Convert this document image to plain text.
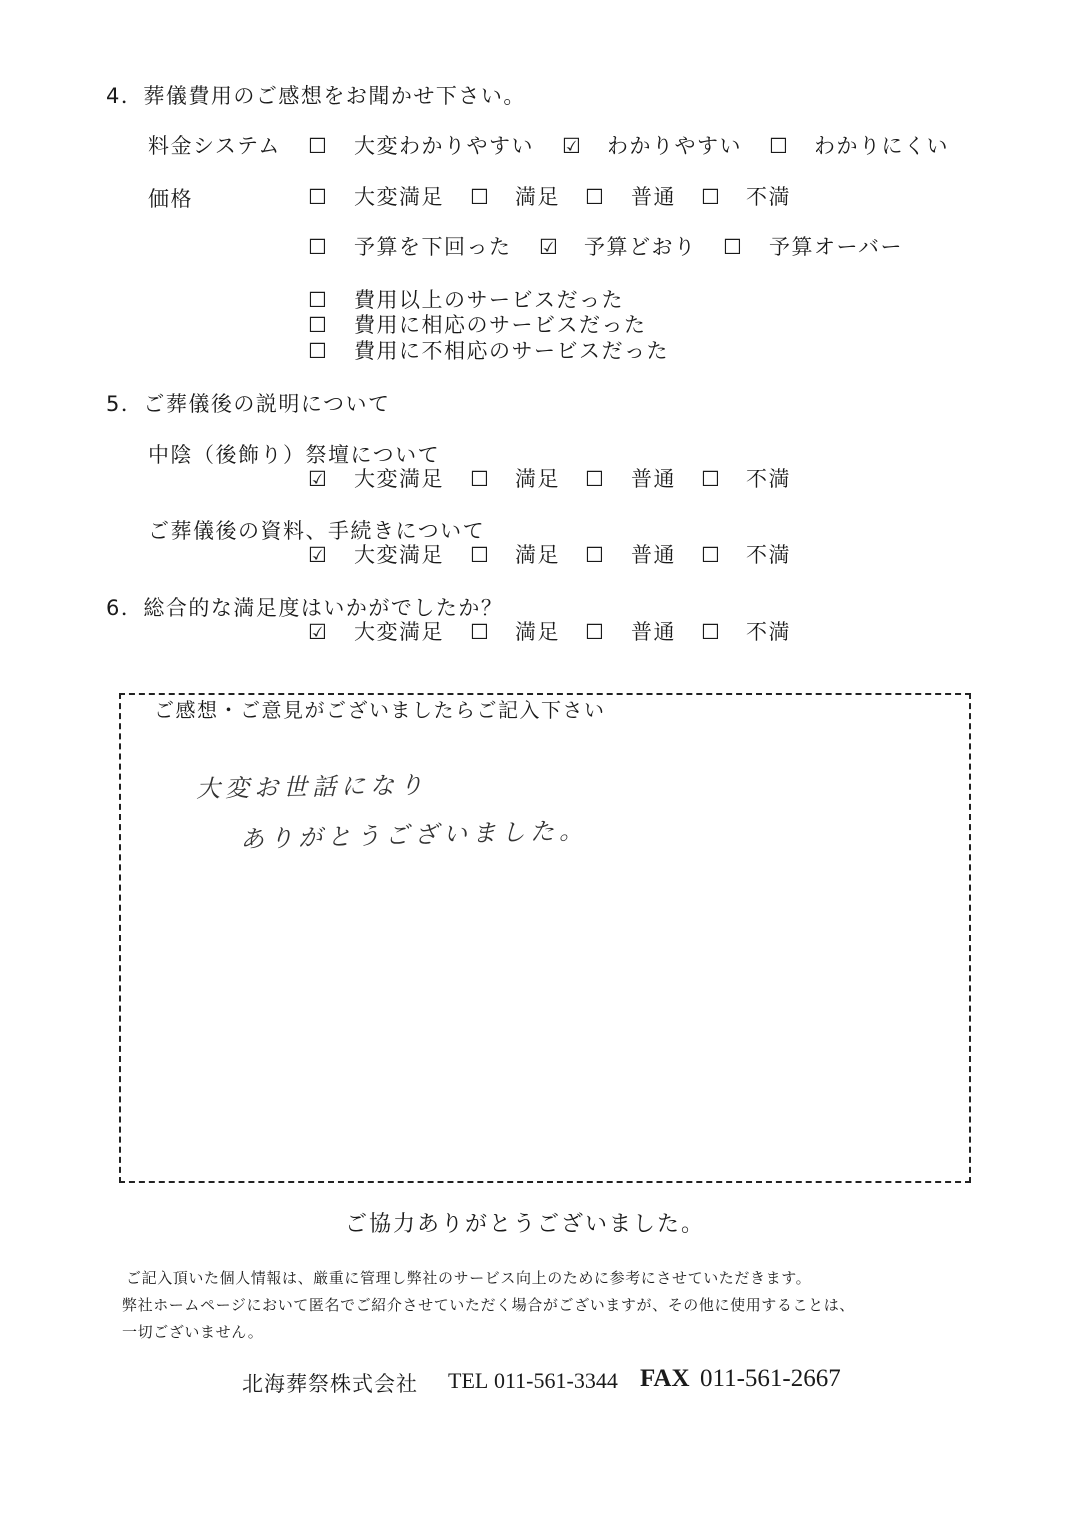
4．葬儀費用のご感想をお聞かせ下さい。
料金システム ☐ 大変わかりやすい ☑ わかりやすい ☐ わかりにくい
価格	☐ 大変満足 ☐ 満足 ☐ 普通 ☐ 不満
☐ 予算を下回った ☑ 予算どおり ☐ 予算オーバー
☐ 費用以上のサービスだった
☐ 費用に相応のサービスだった
☐ 費用に不相応のサービスだった
5．ご葬儀後の説明について
中陰（後飾り）祭壇について
☑ 大変満足 ☐ 満足 ☐ 普通 ☐ 不満
ご葬儀後の資料、手続きについて
☑ 大変満足 ☐ 満足 ☐ 普通 ☐ 不満
6．総合的な満足度はいかがでしたか？
☑ 大変満足 ☐ 満足 ☐ 普通 ☐ 不満
ご感想・ご意見がございましたらご記入下さい
大変お世話になり
ありがとうございました。
ご協力ありがとうございました。
ご記入頂いた個人情報は、厳重に管理し弊社のサービス向上のために参考にさせていただきます。
弊社ホームページにおいて匿名でご紹介させていただく場合がございますが、その他に使用することは、
一切ございません。
北海葬祭株式会社 TEL 011-561-3344 FAX 011-561-2667
